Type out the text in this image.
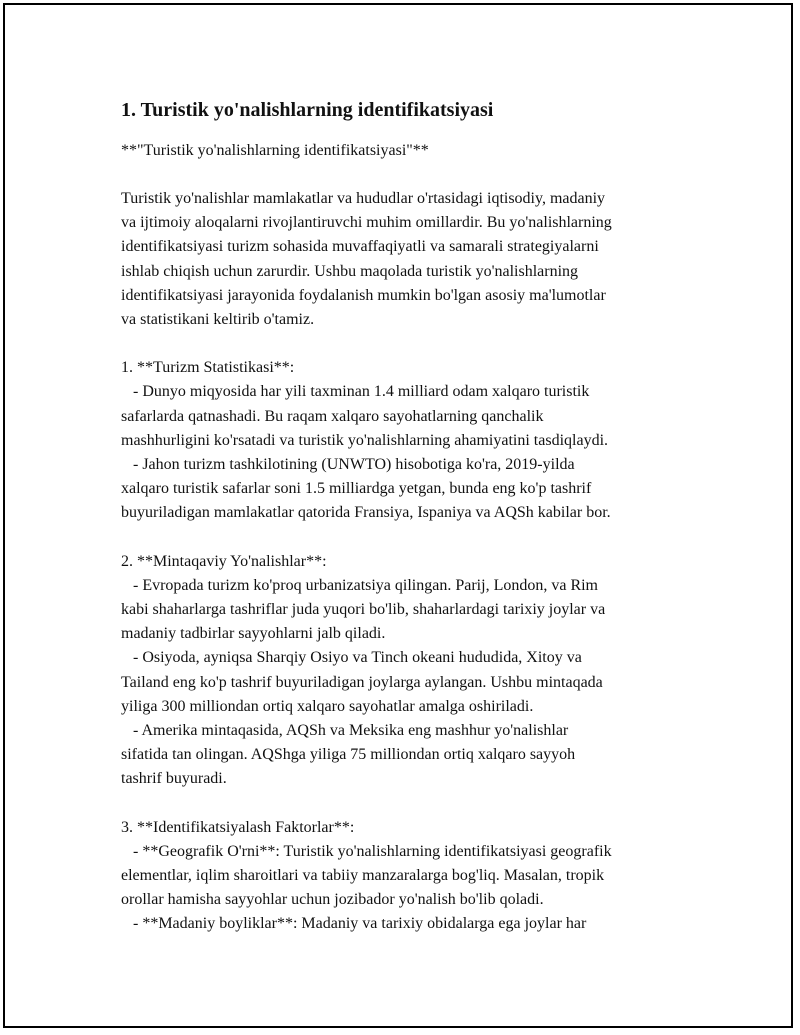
1. Turistik yo'nalishlarning identifikatsiyasi
**"Turistik yo'nalishlarning identifikatsiyasi"**
Turistik yo'nalishlar mamlakatlar va hududlar o'rtasidagi iqtisodiy, madaniy
va ijtimoiy aloqalarni rivojlantiruvchi muhim omillardir. Bu yo'nalishlarning
identifikatsiyasi turizm sohasida muvaffaqiyatli va samarali strategiyalarni
ishlab chiqish uchun zarurdir. Ushbu maqolada turistik yo'nalishlarning
identifikatsiyasi jarayonida foydalanish mumkin bo'lgan asosiy ma'lumotlar
va statistikani keltirib o'tamiz.
1. **Turizm Statistikasi**:
- Dunyo miqyosida har yili taxminan 1.4 milliard odam xalqaro turistik
safarlarda qatnashadi. Bu raqam xalqaro sayohatlarning qanchalik
mashhurligini ko'rsatadi va turistik yo'nalishlarning ahamiyatini tasdiqlaydi.
- Jahon turizm tashkilotining (UNWTO) hisobotiga ko'ra, 2019-yilda
xalqaro turistik safarlar soni 1.5 milliardga yetgan, bunda eng ko'p tashrif
buyuriladigan mamlakatlar qatorida Fransiya, Ispaniya va AQSh kabilar bor.
2. **Mintaqaviy Yo'nalishlar**:
- Evropada turizm ko'proq urbanizatsiya qilingan. Parij, London, va Rim
kabi shaharlarga tashriflar juda yuqori bo'lib, shaharlardagi tarixiy joylar va
madaniy tadbirlar sayyohlarni jalb qiladi.
- Osiyoda, ayniqsa Sharqiy Osiyo va Tinch okeani hududida, Xitoy va
Tailand eng ko'p tashrif buyuriladigan joylarga aylangan. Ushbu mintaqada
yiliga 300 milliondan ortiq xalqaro sayohatlar amalga oshiriladi.
- Amerika mintaqasida, AQSh va Meksika eng mashhur yo'nalishlar
sifatida tan olingan. AQShga yiliga 75 milliondan ortiq xalqaro sayyoh
tashrif buyuradi.
3. **Identifikatsiyalash Faktorlar**:
- **Geografik O'rni**: Turistik yo'nalishlarning identifikatsiyasi geografik
elementlar, iqlim sharoitlari va tabiiy manzaralarga bog'liq. Masalan, tropik
orollar hamisha sayyohlar uchun jozibador yo'nalish bo'lib qoladi.
- **Madaniy boyliklar**: Madaniy va tarixiy obidalarga ega joylar har
